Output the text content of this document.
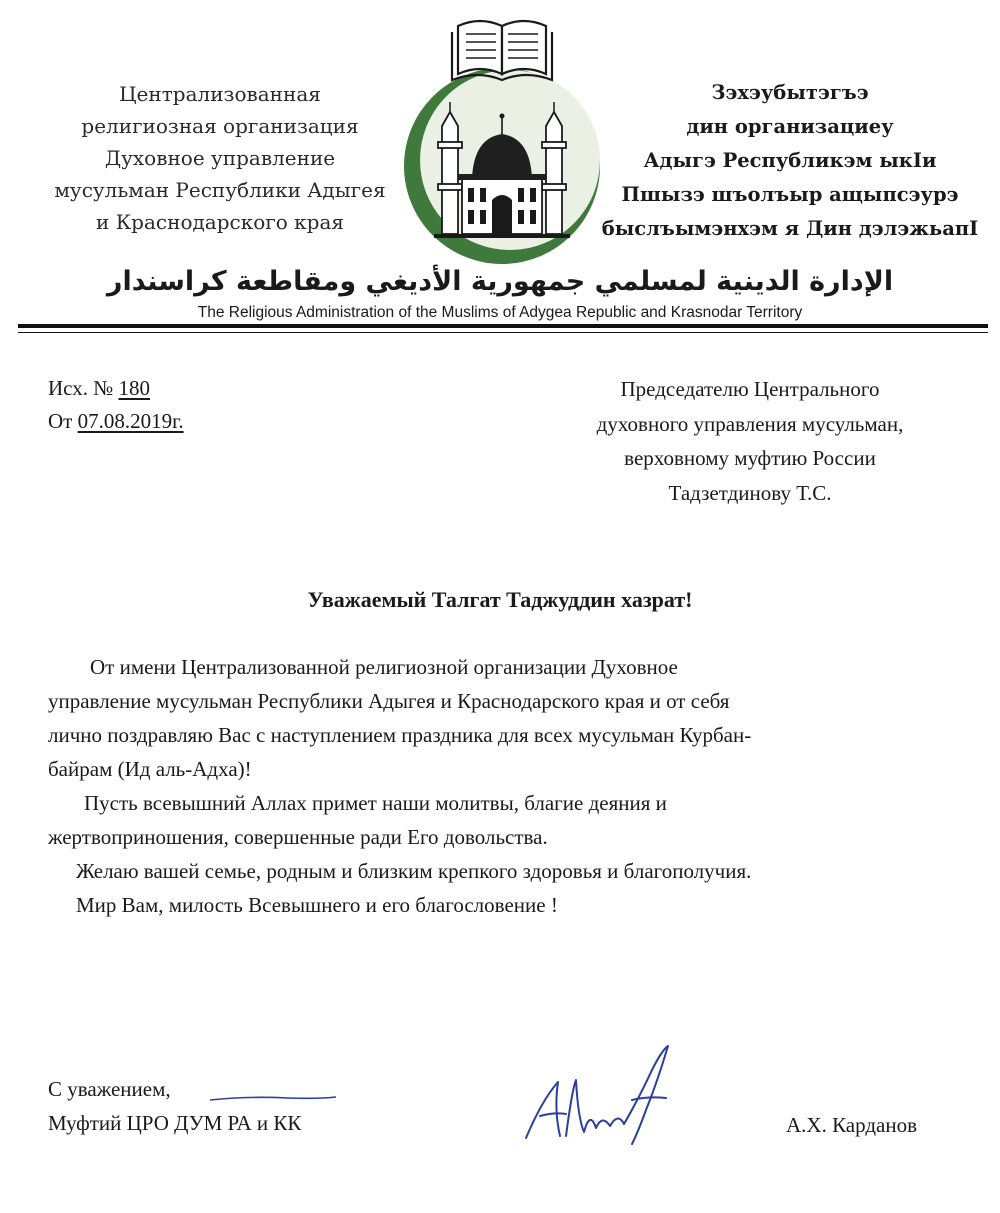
Централизованная
религиозная организация
Духовное управление
мусульман Республики Адыгея
и Краснодарского края
Зэхэубытэгъэ
дин организациеу
Адыгэ Республикэм ыкIи
Пшызэ шъолъыр ащыпсэурэ
быслъымэнхэм я Дин дэлэжьапI
الإدارة الدينية لمسلمي جمهورية الأديغي ومقاطعة كراسندار
The Religious Administration of the Muslims of Adygea Republic and Krasnodar Territory
Исх. № 180
От 07.08.2019г.
Председателю Центрального
духовного управления мусульман,
верховному муфтию России
Тадзетдинову Т.С.
Уважаемый Талгат Таджуддин хазрат!
От имени Централизованной религиозной организации Духовное
управление мусульман Республики Адыгея и Краснодарского края и от себя
лично поздравляю Вас с наступлением праздника для всех мусульман Курбан-
байрам (Ид аль-Адха)!
Пусть всевышний Аллах примет наши молитвы, благие деяния и
жертвоприношения, совершенные ради Его довольства.
Желаю вашей семье, родным и близким крепкого здоровья и благополучия.
Мир Вам, милость Всевышнего и его благословение !
С уважением,
Муфтий ЦРО ДУМ РА и КК	А.Х. Карданов
